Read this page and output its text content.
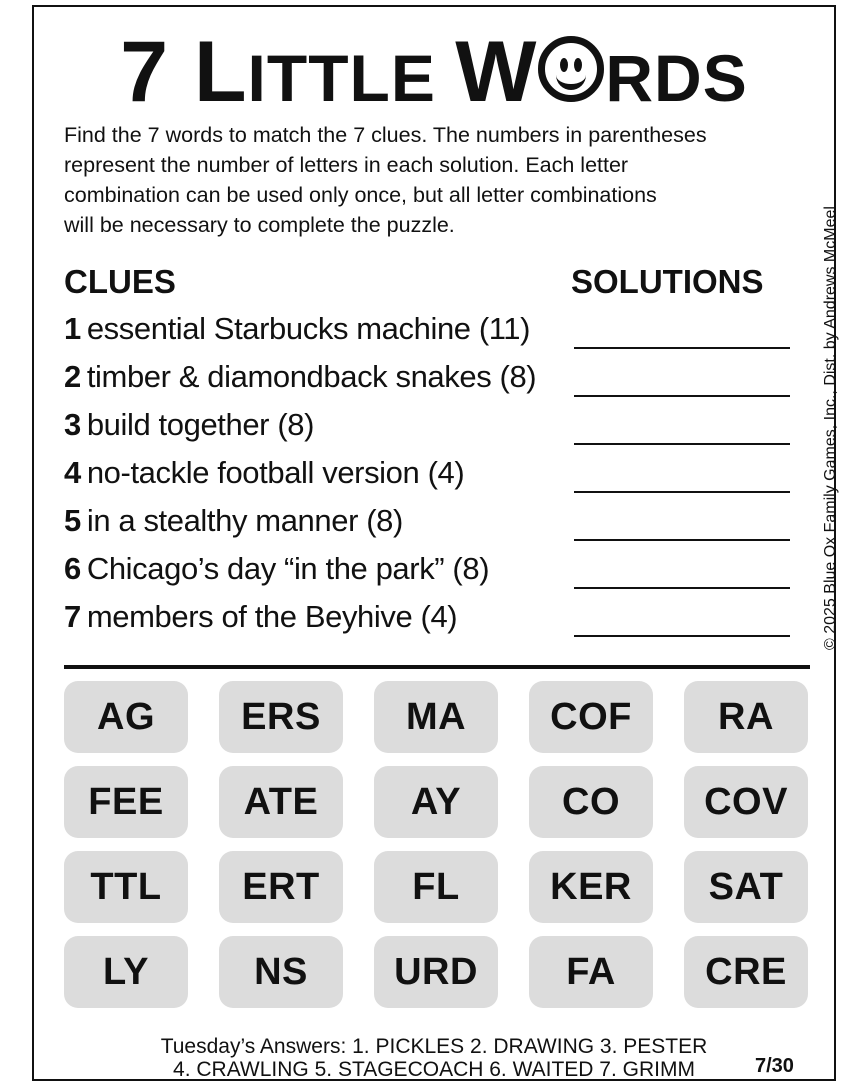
7 LITTLE W RDS
Find the 7 words to match the 7 clues. The numbers in parentheses
represent the number of letters in each solution. Each letter
combination can be used only once, but all letter combinations
will be necessary to complete the puzzle.
CLUES	SOLUTIONS
1 essential Starbucks machine (11)
2 timber & diamondback snakes (8)
3 build together (8)
4 no-tackle football version (4)
5 in a stealthy manner (8)
6 Chicago’s day “in the park” (8)
7 members of the Beyhive (4)
AG	ERS	MA	COF	RA
FEE	ATE	AY	CO	COV
TTL	ERT	FL	KER	SAT
LY	NS	URD	FA	CRE
Tuesday’s Answers: 1. PICKLES 2. DRAWING 3. PESTER
4. CRAWLING 5. STAGECOACH 6. WAITED 7. GRIMM
© 2025 Blue Ox Family Games, Inc., Dist. by Andrews McMeel
7/30
